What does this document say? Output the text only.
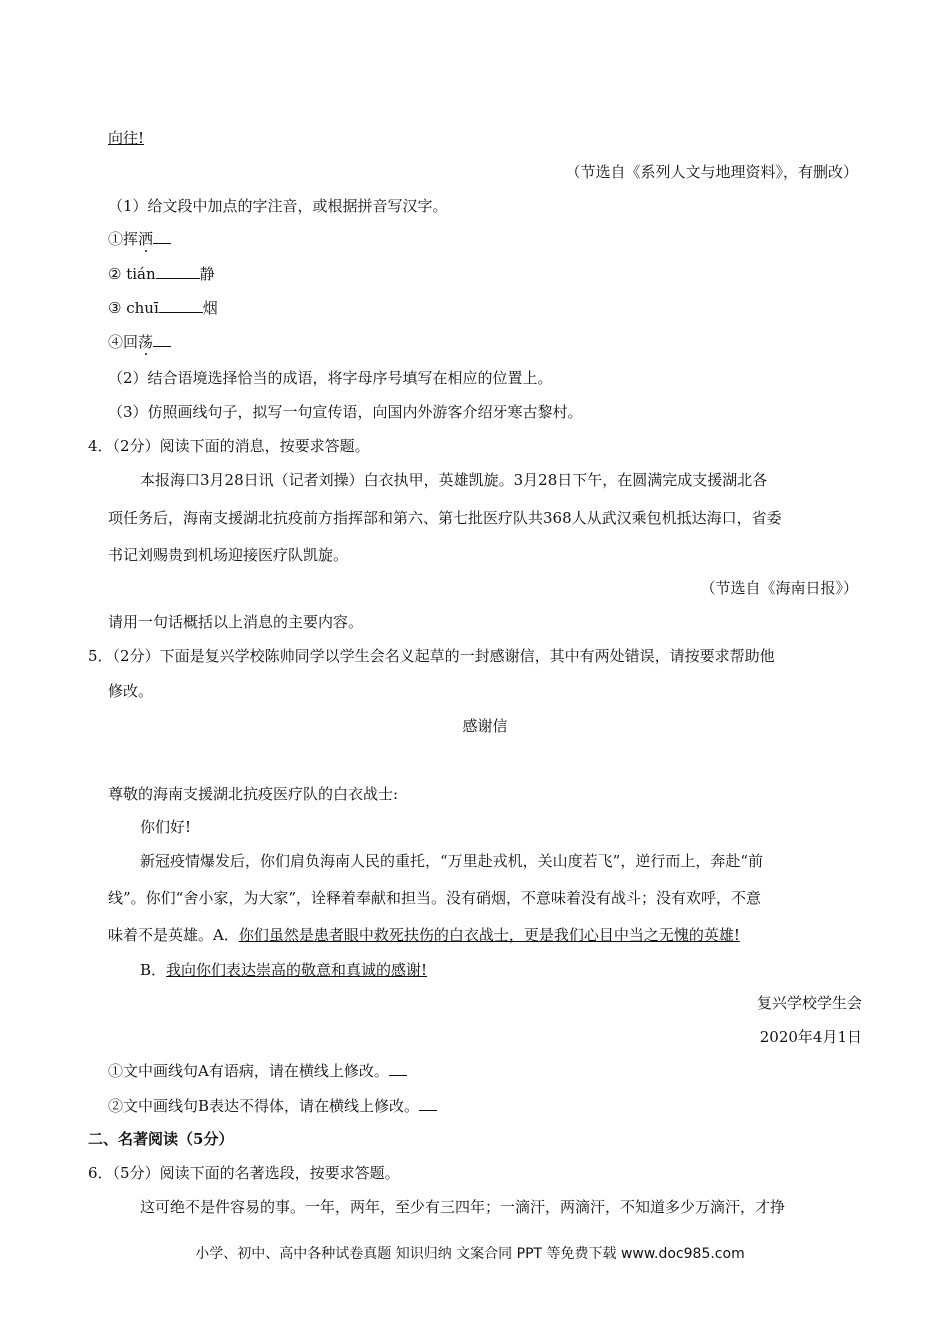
向往!
（节选自《系列人文与地理资料》，有删改）
（1）给文段中加点的字注音，或根据拼音写汉字。
①挥洒
② tián	静
③ chuī	烟
④回荡
（2）结合语境选择恰当的成语，将字母序号填写在相应的位置上。
（3）仿照画线句子，拟写一句宣传语，向国内外游客介绍牙寒古黎村。
4．（2分）阅读下面的消息，按要求答题。
本报海口3月28日讯（记者刘操）白衣执甲，英雄凯旋。3月28日下午，在圆满完成支援湖北各
项任务后，海南支援湖北抗疫前方指挥部和第六、第七批医疗队共368人从武汉乘包机抵达海口，省委
书记刘赐贵到机场迎接医疗队凯旋。
（节选自《海南日报》）
请用一句话概括以上消息的主要内容。
5．（2分）下面是复兴学校陈帅同学以学生会名义起草的一封感谢信，其中有两处错误，请按要求帮助他
修改。
感谢信
尊敬的海南支援湖北抗疫医疗队的白衣战士:
你们好!
新冠疫情爆发后，你们肩负海南人民的重托，“万里赴戎机，关山度若飞”，逆行而上，奔赴“前
线”。你们“舍小家，为大家”，诠释着奉献和担当。没有硝烟，不意味着没有战斗；没有欢呼，不意
味着不是英雄。A．你们虽然是患者眼中救死扶伤的白衣战士，更是我们心目中当之无愧的英雄!
B．我向你们表达崇高的敬意和真诚的感谢!
复兴学校学生会
2020年4月1日
①文中画线句A有语病，请在横线上修改。
②文中画线句B表达不得体，请在横线上修改。
二、名著阅读（5分）
6．（5分）阅读下面的名著选段，按要求答题。
这可绝不是件容易的事。一年，两年，至少有三四年；一滴汗，两滴汗，不知道多少万滴汗，才挣
小学、初中、高中各种试卷真题 知识归纳 文案合同 PPT 等免费下载 www.doc985.com
